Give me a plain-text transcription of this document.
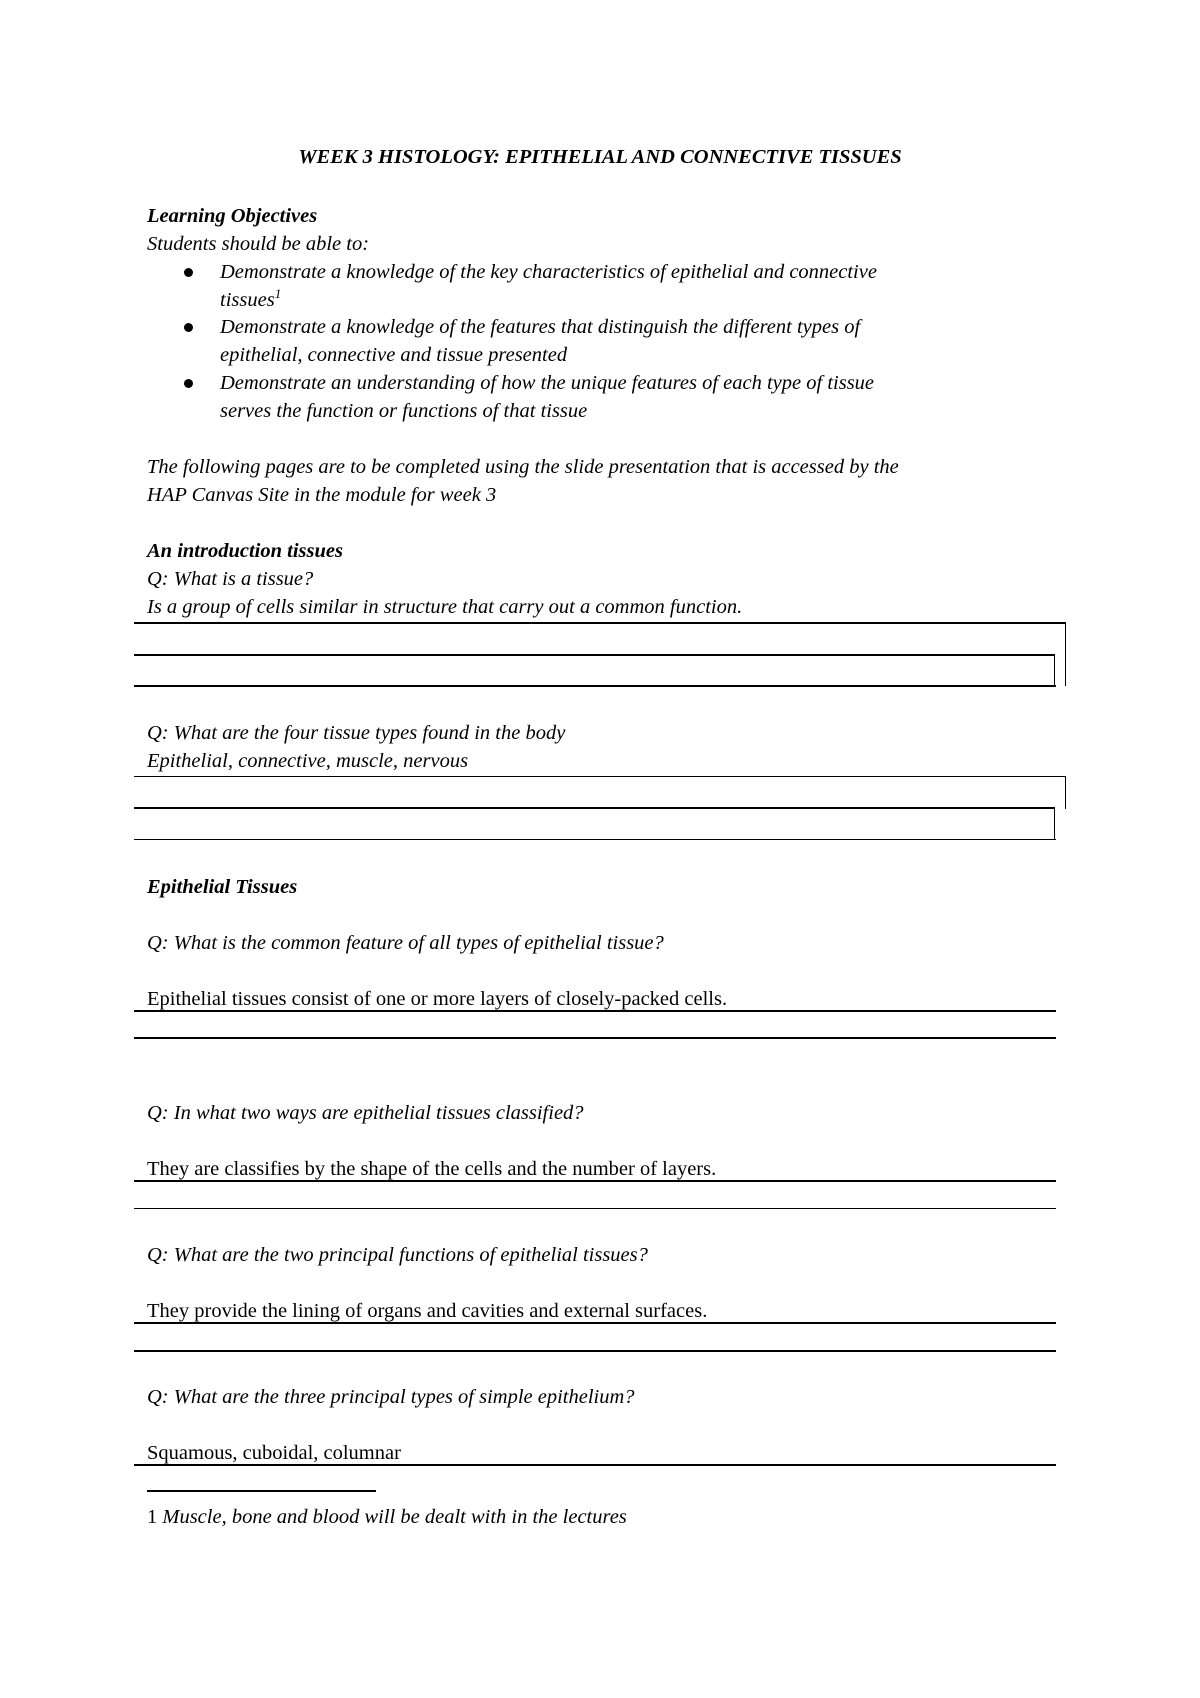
WEEK 3 HISTOLOGY: EPITHELIAL AND CONNECTIVE TISSUES
Learning Objectives
Students should be able to:
Demonstrate a knowledge of the key characteristics of epithelial and connective
tissues$^1$
Demonstrate a knowledge of the features that distinguish the different types of
epithelial, connective and tissue presented
Demonstrate an understanding of how the unique features of each type of tissue
serves the function or functions of that tissue
The following pages are to be completed using the slide presentation that is accessed by the
HAP Canvas Site in the module for week 3
An introduction tissues
Q: What is a tissue?
Is a group of cells similar in structure that carry out a common function.
Q: What are the four tissue types found in the body
Epithelial, connective, muscle, nervous
Epithelial Tissues
Q: What is the common feature of all types of epithelial tissue?
Epithelial tissues consist of one or more layers of closely-packed cells.
Q: In what two ways are epithelial tissues classified?
They are classifies by the shape of the cells and the number of layers.
Q: What are the two principal functions of epithelial tissues?
They provide the lining of organs and cavities and external surfaces.
Q: What are the three principal types of simple epithelium?
Squamous, cuboidal, columnar
1 Muscle, bone and blood will be dealt with in the lectures
